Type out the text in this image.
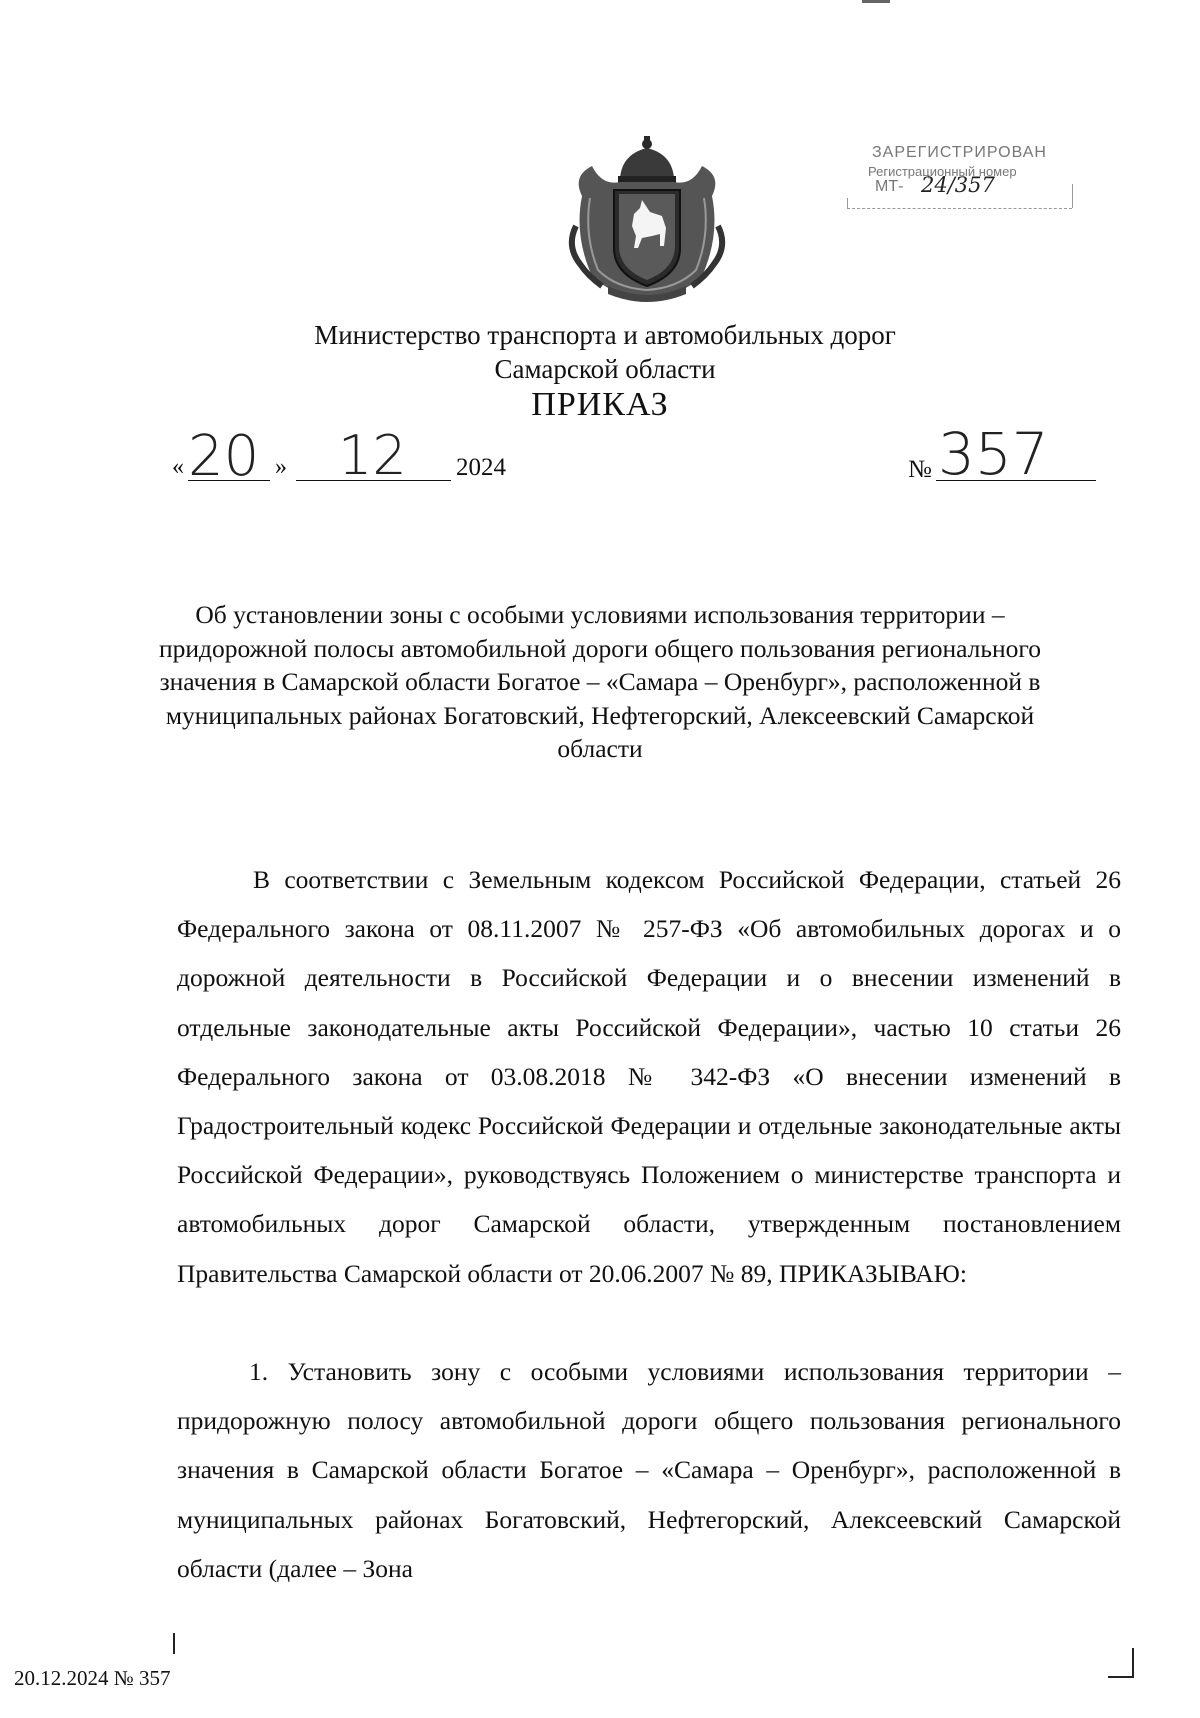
ЗАРЕГИСТРИРОВАН
Регистрационный номер
МТ- 24/357
Министерство транспорта и автомобильных дорог
Самарской области
ПРИКАЗ
« 20 » 12 2024	№ 357
Об установлении зоны с особыми условиями использования территории – придорожной полосы автомобильной дороги общего пользования регионального значения в Самарской области Богатое – «Самара – Оренбург», расположенной в муниципальных районах Богатовский, Нефтегорский, Алексеевский Самарской области

В соответствии с Земельным кодексом Российской Федерации, статьей 26 Федерального закона от 08.11.2007 № 257-ФЗ «Об автомобильных дорогах и о дорожной деятельности в Российской Федерации и о внесении изменений в отдельные законодательные акты Российской Федерации», частью 10 статьи 26 Федерального закона от 03.08.2018 № 342-ФЗ «О внесении изменений в Градостроительный кодекс Российской Федерации и отдельные законодательные акты Российской Федерации», руководствуясь Положением о министерстве транспорта и автомобильных дорог Самарской области, утвержденным постановлением Правительства Самарской области от 20.06.2007 № 89, ПРИКАЗЫВАЮ:

1. Установить зону с особыми условиями использования территории – придорожную полосу автомобильной дороги общего пользования регионального значения в Самарской области Богатое – «Самара – Оренбург», расположенной в муниципальных районах Богатовский, Нефтегорский, Алексеевский Самарской области (далее – Зона

20.12.2024 № 357
